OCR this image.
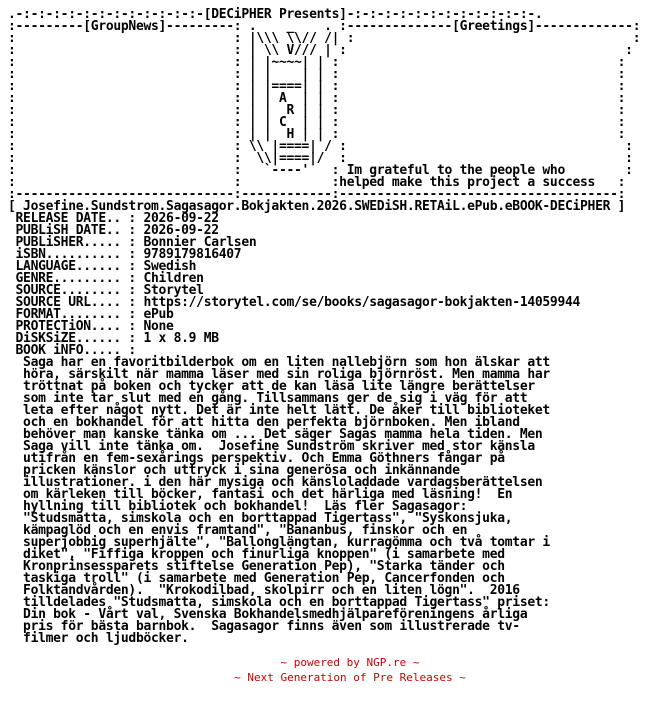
.-:-:-:-:-:-:-:-:-:-:-:-:-[DECiPHER Presents]-:-:-:-:-:-:-:-:-:-:-:-:-.
:---------[GroupNews]---------: .    _    . :--------------[Greetings]-------------:
:                             : |\\\ \\// /| :                                     :
:                             : | \\ V/// | :                                     :
:                             : | |~~~~| | :                                     :
:                             : | |    | | :                                     :
:                             : | |====| | :                                     :
:                             : | | A  | | :                                     :
:                             : | |  R | | :                                     :
:                             : | | C  | | :                                     :
:                             : | |  H | | :                                     :
:                             : \\ |====| / :                                     :
:                             :  \\|====|/  :                                     :
:                             :   `----'   : Im grateful to the people who        :
:                             :            :helped make this project a success   :
:-----------------------------:------------:-------------------------------------:
[ Josefine.Sundstrom.Sagasagor.Bokjakten.2026.SWEDiSH.RETAiL.ePub.eBOOK-DECiPHER ]
RELEASE DATE.. : 2026-09-22
PUBLiSH DATE.. : 2026-09-22
PUBLiSHER..... : Bonnier Carlsen
iSBN.......... : 9789179816407
LANGUAGE...... : Swedish
GENRE......... : Children
SOURCE........ : Storytel
SOURCE URL.... : https://storytel.com/se/books/sagasagor-bokjakten-14059944
FORMAT........ : ePub
PROTECTiON.... : None
DiSKSiZE...... : 1 x 8.9 MB
BOOK iNFO..... :
Saga har en favoritbilderbok om en liten nallebjörn som hon älskar att
höra, särskilt när mamma läser med sin roliga björnröst. Men mamma har
tröttnat på boken och tycker att de kan läsa lite längre berättelser
som inte tar slut med en gång. Tillsammans ger de sig i väg för att
leta efter något nytt. Det är inte helt lätt. De åker till biblioteket
och en bokhandel för att hitta den perfekta björnboken. Men ibland
behöver man kanske tänka om ... Det säger Sagas mamma hela tiden. Men
Saga vill inte tänka om.  Josefine Sundström skriver med stor känsla
utifrån en fem-sexårings perspektiv. Och Emma Göthners fångar på
pricken känslor och uttryck i sina generösa och inkännande
illustrationer. i den här mysiga och känsloladdade vardagsberättelsen
om kärleken till böcker, fantasi och det härliga med läsning!  En
hyllning till bibliotek och bokhandel!  Läs fler Sagasagor:
"Studsmatta, simskola och en borttappad Tigertass", "Syskonsjuka,
kämpaglöd och en envis framtand", "Bananbus, finskor och en
superjobbig superhjälte", "Ballonglängtan, kurragömma och två tomtar i
diket", "Fiffiga kroppen och finurliga knoppen" (i samarbete med
Kronprinsessparets stiftelse Generation Pep), "Starka tänder och
taskiga troll" (i samarbete med Generation Pep, Cancerfonden och
Folktandvården).  "Krokodilbad, skolpirr och en liten lögn".  2016
tilldelades "Studsmatta, simskola och en borttappad Tigertass" priset:
Din bok - Vårt val, Svenska Bokhandelsmedhjälpareföreningens årliga
pris för bästa barnbok.  Sagasagor finns även som illustrerade tv-
filmer och ljudböcker.
~ powered by NGP.re ~
~ Next Generation of Pre Releases ~
